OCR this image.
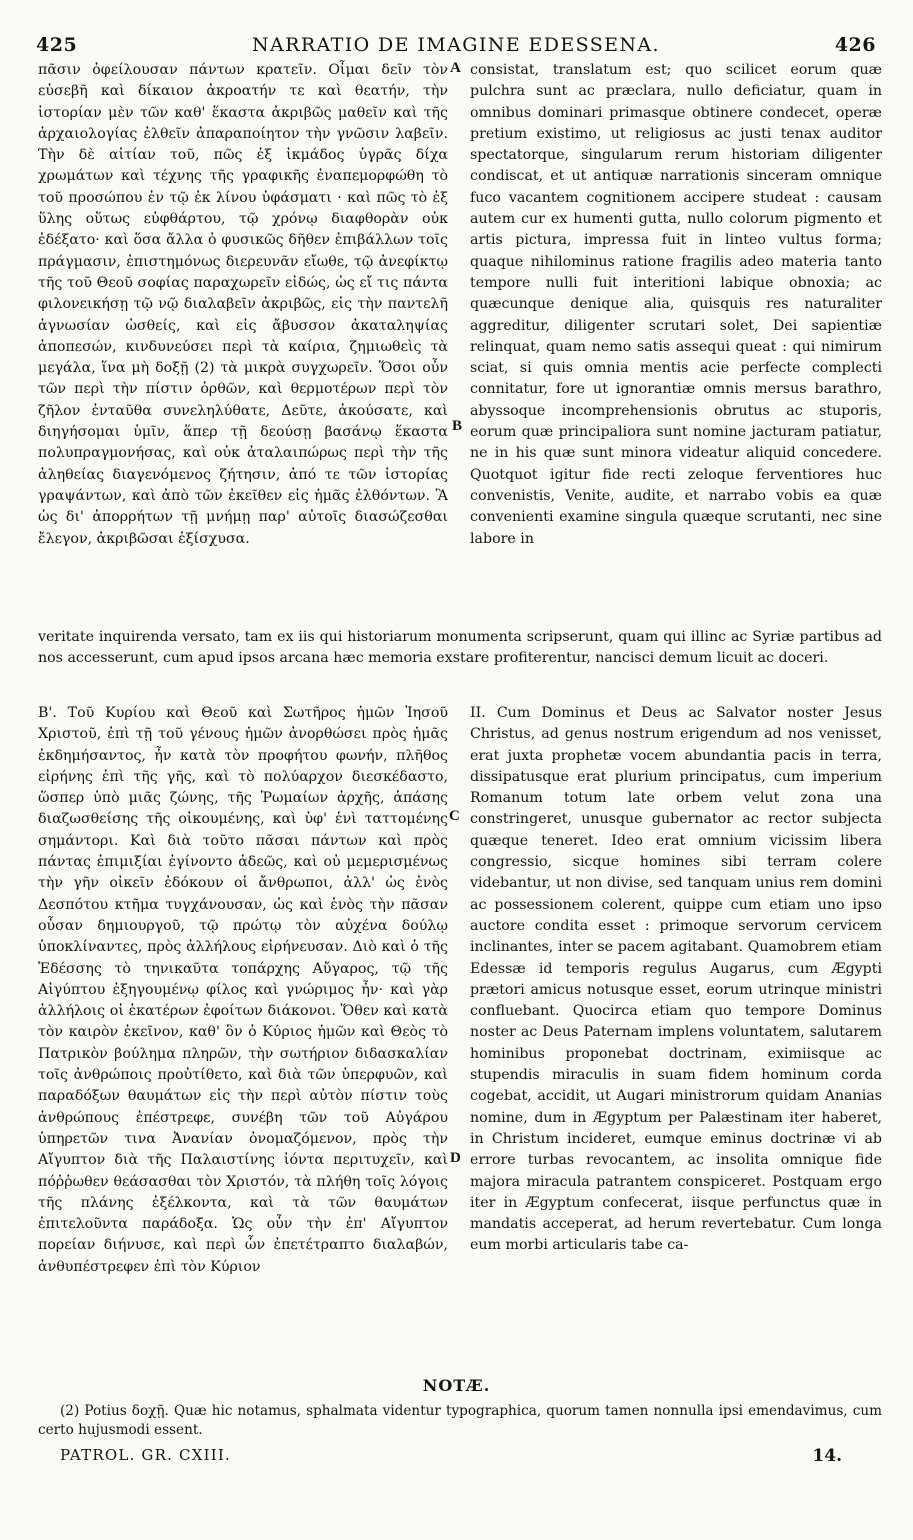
425	NARRATIO DE IMAGINE EDESSENA.	426

πᾶσιν ὀφείλουσαν πάντων κρατεῖν. Οἶμαι δεῖν τὸν εὐσεβῆ καὶ δίκαιον ἀκροατήν τε καὶ θεατήν, τὴν ἱστορίαν μὲν τῶν καθ' ἕκαστα ἀκριβῶς μαθεῖν καὶ τῆς ἀρχαιολογίας ἐλθεῖν ἀπαραποίητον τὴν γνῶσιν λαβεῖν. Τὴν δὲ αἰτίαν τοῦ, πῶς ἐξ ἰκμάδος ὑγρᾶς δίχα χρωμάτων καὶ τέχνης τῆς γραφικῆς ἐναπεμορφώθη τὸ τοῦ προσώπου ἐν τῷ ἐκ λίνου ὑφάσματι · καὶ πῶς τὸ ἐξ ὕλης οὕτως εὐφθάρτου, τῷ χρόνῳ διαφθορὰν οὐκ ἐδέξατο· καὶ ὅσα ἄλλα ὁ φυσικῶς δῆθεν ἐπιβάλλων τοῖς πράγμασιν, ἐπιστημόνως διερευνᾶν εἴωθε, τῷ ἀνεφίκτῳ τῆς τοῦ Θεοῦ σοφίας παραχωρεῖν εἰδώς, ὡς εἴ τις πάντα φιλονεικήσῃ τῷ νῷ διαλαβεῖν ἀκριβῶς, εἰς τὴν παντελῆ ἀγνωσίαν ὠσθείς, καὶ εἰς ἄβυσσον ἀκαταληψίας ἀποπεσών, κινδυνεύσει περὶ τὰ καίρια, ζημιωθεὶς τὰ μεγάλα, ἵνα μὴ δοξῇ (2) τὰ μικρὰ συγχωρεῖν. Ὅσοι οὖν τῶν περὶ τὴν πίστιν ὀρθῶν, καὶ θερμοτέρων περὶ τὸν ζῆλον ἐνταῦθα συνεληλύθατε, Δεῦτε, ἀκούσατε, καὶ διηγήσομαι ὑμῖν, ἅπερ τῇ δεούσῃ βασάνῳ ἕκαστα πολυπραγμονήσας, καὶ οὐκ ἀταλαιπώρως περὶ τὴν τῆς ἀληθείας διαγενόμενος ζήτησιν, ἀπό τε τῶν ἱστορίας γραψάντων, καὶ ἀπὸ τῶν ἐκεῖθεν εἰς ἡμᾶς ἐλθόντων. Ἃ ὡς δι' ἀπορρήτων τῇ μνήμῃ παρ' αὐτοῖς διασώζεσθαι ἔλεγον, ἀκριβῶσαι ἐξίσχυσα.

consistat, translatum est; quo scilicet eorum quæ pulchra sunt ac præclara, nullo deficiatur, quam in omnibus dominari primasque obtinere condecet, operæ pretium existimo, ut religiosus ac justi tenax auditor spectatorque, singularum rerum historiam diligenter condiscat, et ut antiquæ narrationis sinceram omnique fuco vacantem cognitionem accipere studeat : causam autem cur ex humenti gutta, nullo colorum pigmento et artis pictura, impressa fuit in linteo vultus forma; quaque nihilominus ratione fragilis adeo materia tanto tempore nulli fuit interitioni labique obnoxia; ac quæcunque denique alia, quisquis res naturaliter aggreditur, diligenter scrutari solet, Dei sapientiæ relinquat, quam nemo satis assequi queat : qui nimirum sciat, si quis omnia mentis acie perfecte complecti connitatur, fore ut ignorantiæ omnis mersus barathro, abyssoque incomprehensionis obrutus ac stuporis, eorum quæ principaliora sunt nomine jacturam patiatur, ne in his quæ sunt minora videatur aliquid concedere. Quotquot igitur fide recti zeloque ferventiores huc convenistis, Venite, audite, et narrabo vobis ea quæ convenienti examine singula quæque scrutanti, nec sine labore in

veritate inquirenda versato, tam ex iis qui historiarum monumenta scripserunt, quam qui illinc ac Syriæ partibus ad nos accesserunt, cum apud ipsos arcana hæc memoria exstare profiterentur, nancisci demum licuit ac doceri.

Β'. Τοῦ Κυρίου καὶ Θεοῦ καὶ Σωτῆρος ἡμῶν Ἰησοῦ Χριστοῦ, ἐπὶ τῇ τοῦ γένους ἡμῶν ἀνορθώσει πρὸς ἡμᾶς ἐκδημήσαντος, ἦν κατὰ τὸν προφήτου φωνήν, πλῆθος εἰρήνης ἐπὶ τῆς γῆς, καὶ τὸ πολύαρχον διεσκέδαστο, ὥσπερ ὑπὸ μιᾶς ζώνης, τῆς Ῥωμαίων ἀρχῆς, ἁπάσης διαζωσθείσης τῆς οἰκουμένης, καὶ ὑφ' ἑνὶ ταττομένης σημάντορι. Καὶ διὰ τοῦτο πᾶσαι πάντων καὶ πρὸς πάντας ἐπιμιξίαι ἐγίνοντο ἀδεῶς, καὶ οὐ μεμερισμένως τὴν γῆν οἰκεῖν ἐδόκουν οἱ ἄνθρωποι, ἀλλ' ὡς ἑνὸς Δεσπότου κτῆμα τυγχάνουσαν, ὡς καὶ ἑνὸς τὴν πᾶσαν οὖσαν δημιουργοῦ, τῷ πρώτῳ τὸν αὐχένα δούλῳ ὑποκλίναντες, πρὸς ἀλλήλους εἰρήνευσαν. Διὸ καὶ ὁ τῆς Ἐδέσσης τὸ τηνικαῦτα τοπάρχης Αὔγαρος, τῷ τῆς Αἰγύπτου ἐξηγουμένῳ φίλος καὶ γνώριμος ἦν· καὶ γὰρ ἀλλήλοις οἱ ἑκατέρων ἐφοίτων διάκονοι. Ὅθεν καὶ κατὰ τὸν καιρὸν ἐκεῖνον, καθ' ὃν ὁ Κύριος ἡμῶν καὶ Θεὸς τὸ Πατρικὸν βούλημα πληρῶν, τὴν σωτήριον διδασκαλίαν τοῖς ἀνθρώποις προὐτίθετο, καὶ διὰ τῶν ὑπερφυῶν, καὶ παραδόξων θαυμάτων εἰς τὴν περὶ αὐτὸν πίστιν τοὺς ἀνθρώπους ἐπέστρεφε, συνέβη τῶν τοῦ Αὐγάρου ὑπηρετῶν τινα Ἀνανίαν ὀνομαζόμενον, πρὸς τὴν Αἴγυπτον διὰ τῆς Παλαιστίνης ἰόντα περιτυχεῖν, καὶ πόῤῥωθεν θεάσασθαι τὸν Χριστόν, τὰ πλήθη τοῖς λόγοις τῆς πλάνης ἐξέλκοντα, καὶ τὰ τῶν θαυμάτων ἐπιτελοῦντα παράδοξα. Ὡς οὖν τὴν ἐπ' Αἴγυπτον πορείαν διήνυσε, καὶ περὶ ὧν ἐπετέτραπτο διαλαβών, ἀνθυπέστρεφεν ἐπὶ τὸν Κύριον

II. Cum Dominus et Deus ac Salvator noster Jesus Christus, ad genus nostrum erigendum ad nos venisset, erat juxta prophetæ vocem abundantia pacis in terra, dissipatusque erat plurium principatus, cum imperium Romanum totum late orbem velut zona una constringeret, unusque gubernator ac rector subjecta quæque teneret. Ideo erat omnium vicissim libera congressio, sicque homines sibi terram colere videbantur, ut non divise, sed tanquam unius rem domini ac possessionem colerent, quippe cum etiam uno ipso auctore condita esset : primoque servorum cervicem inclinantes, inter se pacem agitabant. Quamobrem etiam Edessæ id temporis regulus Augarus, cum Ægypti prætori amicus notusque esset, eorum utrinque ministri confluebant. Quocirca etiam quo tempore Dominus noster ac Deus Paternam implens voluntatem, salutarem hominibus proponebat doctrinam, eximiisque ac stupendis miraculis in suam fidem hominum corda cogebat, accidit, ut Augari ministrorum quidam Ananias nomine, dum in Ægyptum per Palæstinam iter haberet, in Christum incideret, eumque eminus doctrinæ vi ab errore turbas revocantem, ac insolita omnique fide majora miracula patrantem conspiceret. Postquam ergo iter in Ægyptum confecerat, iisque perfunctus quæ in mandatis acceperat, ad herum revertebatur. Cum longa eum morbi articularis tabe ca-

A
B
C
D
NOTÆ.

(2) Potius δοχῇ. Quæ hic notamus, sphalmata videntur typographica, quorum tamen nonnulla ipsi emendavimus, cum certo hujusmodi essent.

PATROL. GR. CXIII.	14.
